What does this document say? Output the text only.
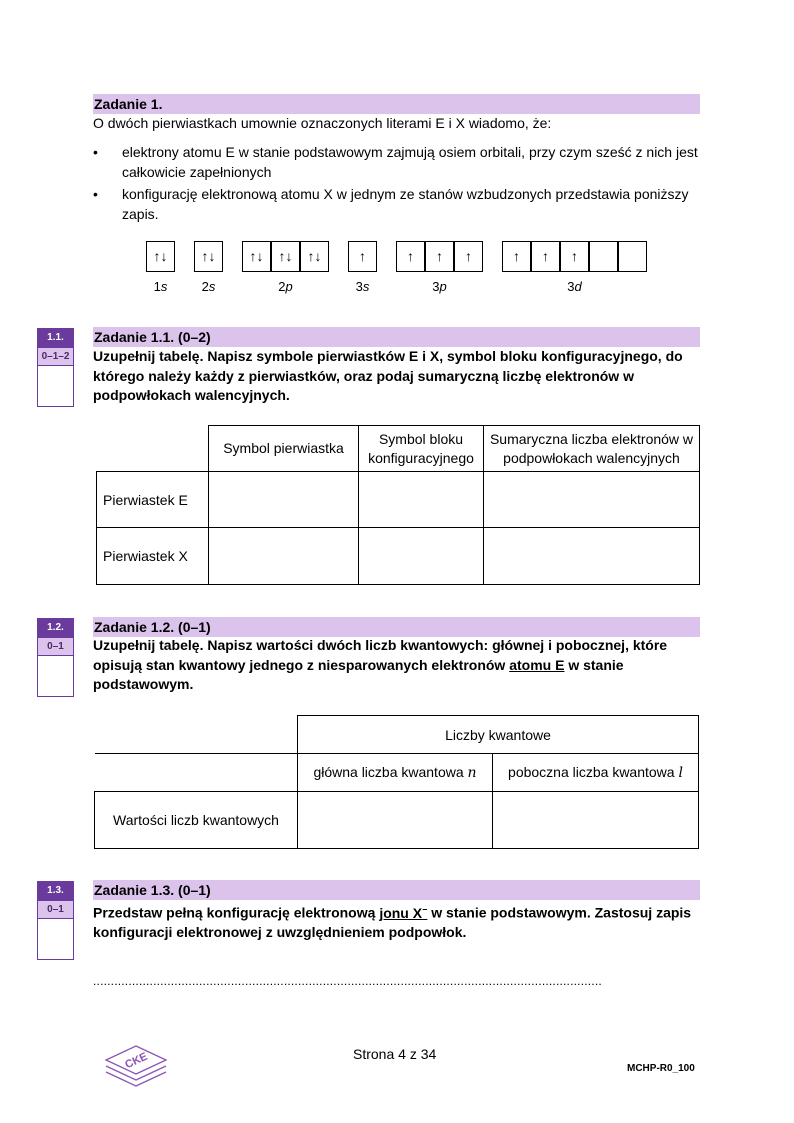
Zadanie 1.
O dwóch pierwiastkach umownie oznaczonych literami E i X wiadomo, że:
• elektrony atomu E w stanie podstawowym zajmują osiem orbitali, przy czym sześć z nich jest całkowicie zapełnionych
• konfigurację elektronową atomu X w jednym ze stanów wzbudzonych przedstawia poniższy zapis.
↑↓	↑↓	↑↓	↑↓	↑↓	↑	↑	↑	↑	↑	↑	↑
1s	2s	2p	3s	3p	3d
1.1.
0–1–2
Zadanie 1.1. (0–2)
Uzupełnij tabelę. Napisz symbole pierwiastków E i X, symbol bloku konfiguracyjnego, do którego należy każdy z pierwiastków, oraz podaj sumaryczną liczbę elektronów w podpowłokach walencyjnych.
	Symbol pierwiastka	Symbol bloku konfiguracyjnego	Sumaryczna liczba elektronów w podpowłokach walencyjnych
Pierwiastek E			
Pierwiastek X			
1.2.
0–1
Zadanie 1.2. (0–1)
Uzupełnij tabelę. Napisz wartości dwóch liczb kwantowych: głównej i pobocznej, które opisują stan kwantowy jednego z niesparowanych elektronów atomu E w stanie podstawowym.
	Liczby kwantowe	
	główna liczba kwantowa n	poboczna liczba kwantowa l
Wartości liczb kwantowych		
1.3.
0–1
Zadanie 1.3. (0–1)
Przedstaw pełną konfigurację elektronową jonu X− w stanie podstawowym. Zastosuj zapis konfiguracji elektronowej z uwzględnieniem podpowłok.
................................................................................................................................................
CKE	Strona 4 z 34
MCHP-R0_100
